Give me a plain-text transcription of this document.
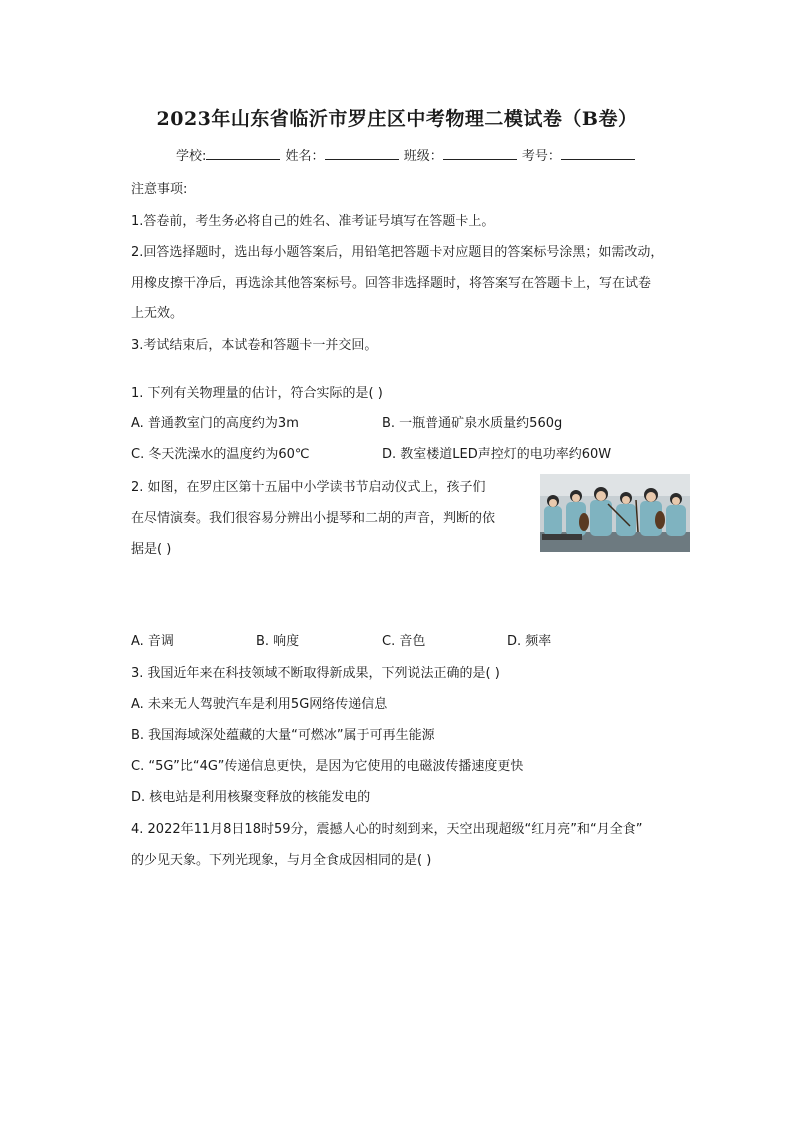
2023年山东省临沂市罗庄区中考物理二模试卷（B卷）
学校:	姓名：	班级：	考号：
注意事项:
1.答卷前，考生务必将自己的姓名、准考证号填写在答题卡上。
2.回答选择题时，选出每小题答案后，用铅笔把答题卡对应题目的答案标号涂黑；如需改动，
用橡皮擦干净后，再选涂其他答案标号。回答非选择题时，将答案写在答题卡上，写在试卷
上无效。
3.考试结束后，本试卷和答题卡一并交回。
1. 下列有关物理量的估计，符合实际的是( )
A. 普通教室门的高度约为3m	B. 一瓶普通矿泉水质量约560g
C. 冬天洗澡水的温度约为60℃	D. 教室楼道LED声控灯的电功率约60W
2. 如图，在罗庄区第十五届中小学读书节启动仪式上，孩子们
在尽情演奏。我们很容易分辨出小提琴和二胡的声音，判断的依
据是( )
A. 音调	B. 响度	C. 音色	D. 频率
3. 我国近年来在科技领域不断取得新成果，下列说法正确的是( )
A. 未来无人驾驶汽车是利用5G网络传递信息
B. 我国海域深处蕴藏的大量“可燃冰”属于可再生能源
C. “5G”比“4G”传递信息更快，是因为它使用的电磁波传播速度更快
D. 核电站是利用核聚变释放的核能发电的
4. 2022年11月8日18时59分，震撼人心的时刻到来，天空出现超级“红月亮”和“月全食”
的少见天象。下列光现象，与月全食成因相同的是( )
